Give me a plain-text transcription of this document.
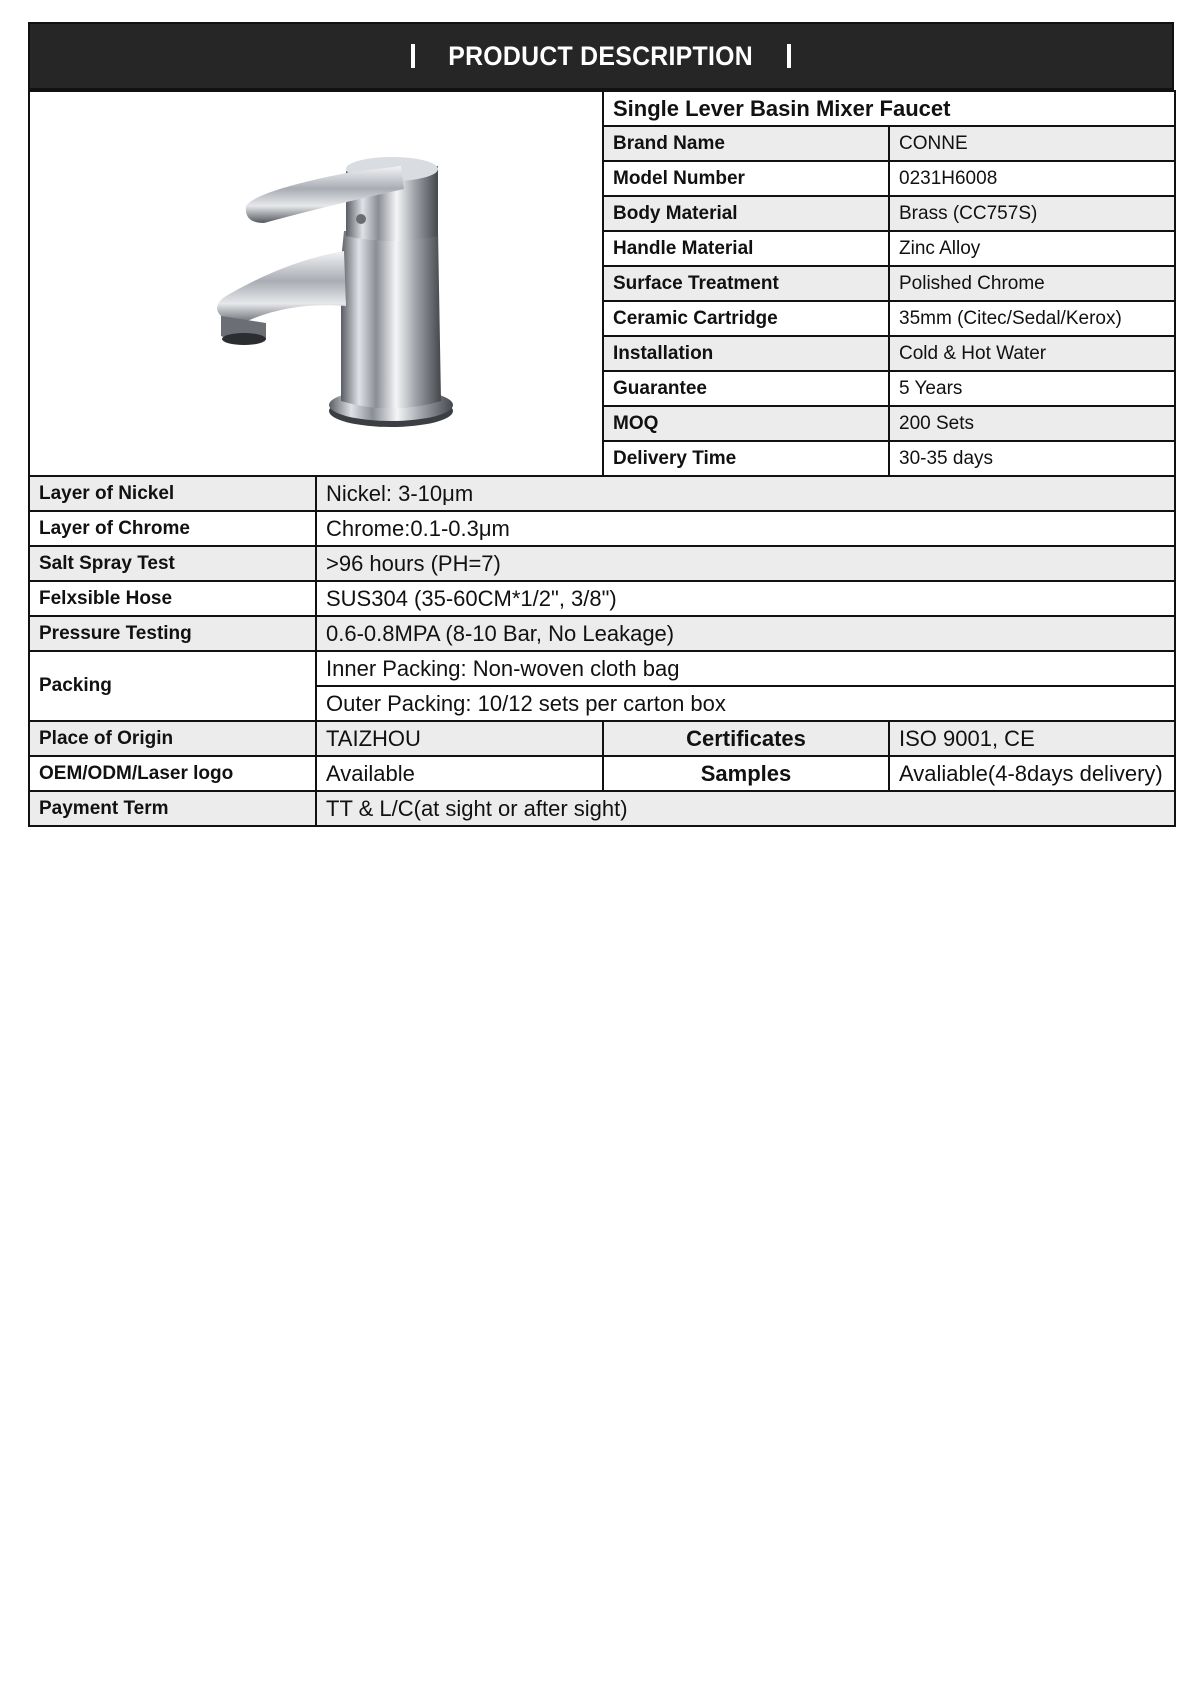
PRODUCT DESCRIPTION
	Single Lever Basin Mixer Faucet	
		Brand Name	CONNE
		Model Number	0231H6008
		Body Material	Brass (CC757S)
		Handle Material	Zinc Alloy
		Surface Treatment	Polished Chrome
		Ceramic Cartridge	35mm (Citec/Sedal/Kerox)
		Installation	Cold & Hot Water
		Guarantee	5 Years
		MOQ	200 Sets
		Delivery Time	30-35 days
Layer of Nickel	Nickel: 3-10μm		
Layer of Chrome	Chrome:0.1-0.3μm		
Salt Spray Test	>96 hours (PH=7)		
Felxsible Hose	SUS304 (35-60CM*1/2", 3/8")		
Pressure Testing	0.6-0.8MPA (8-10 Bar, No Leakage)		
Packing	Inner Packing: Non-woven cloth bag		
	Outer Packing: 10/12 sets per carton box		
Place of Origin	TAIZHOU	Certificates	ISO 9001, CE
OEM/ODM/Laser logo	Available	Samples	Avaliable(4-8days delivery)
Payment Term	TT & L/C(at sight or after sight)		
